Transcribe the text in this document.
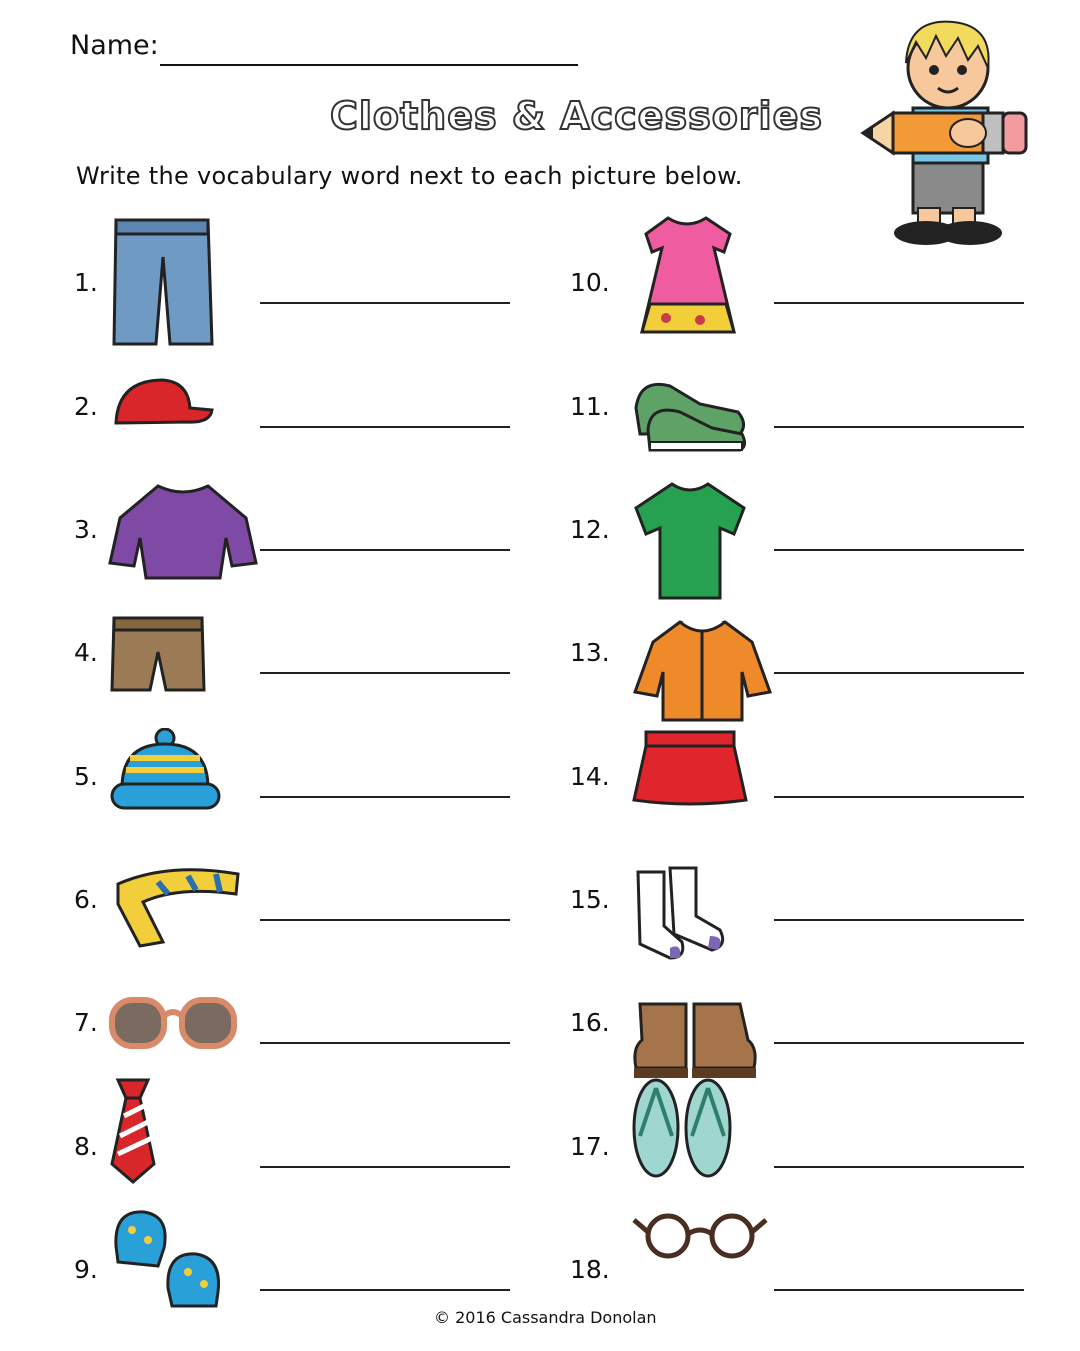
Name:
Clothes & Accessories
Write the vocabulary word next to each picture below.
1.
2.
3.
4.
5.
6.
7.
8.
9.
10.
11.
12.
13.
14.
15.
16.
17.
18.
© 2016 Cassandra Donolan
